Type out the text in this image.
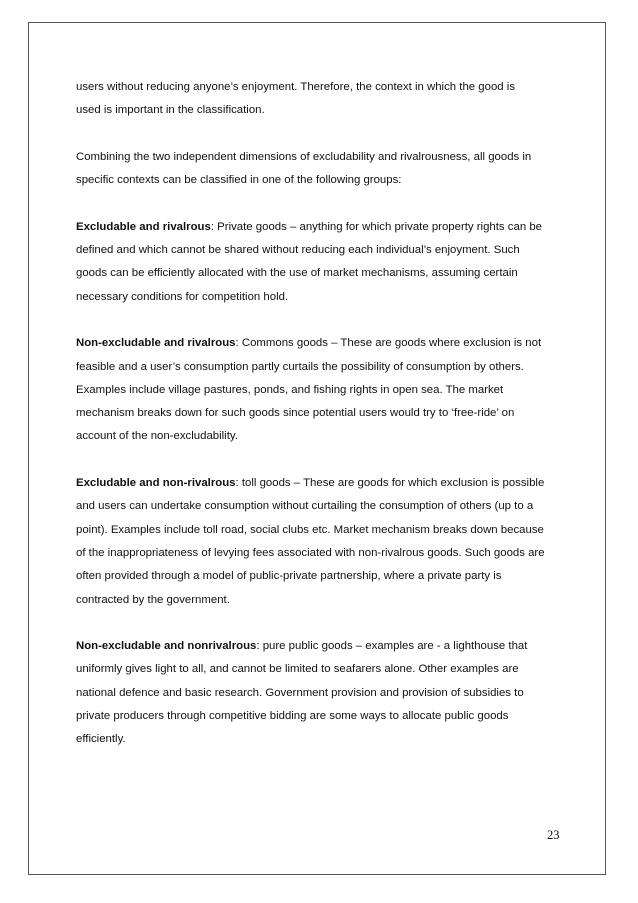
users without reducing anyone’s enjoyment. Therefore, the context in which the good is
used is important in the classification.

Combining the two independent dimensions of excludability and rivalrousness, all goods in
specific contexts can be classified in one of the following groups:

Excludable and rivalrous: Private goods – anything for which private property rights can be
defined and which cannot be shared without reducing each individual’s enjoyment. Such
goods can be efficiently allocated with the use of market mechanisms, assuming certain
necessary conditions for competition hold.

Non-excludable and rivalrous: Commons goods – These are goods where exclusion is not
feasible and a user’s consumption partly curtails the possibility of consumption by others.
Examples include village pastures, ponds, and fishing rights in open sea. The market
mechanism breaks down for such goods since potential users would try to ‘free-ride’ on
account of the non-excludability.

Excludable and non-rivalrous: toll goods – These are goods for which exclusion is possible
and users can undertake consumption without curtailing the consumption of others (up to a
point). Examples include toll road, social clubs etc. Market mechanism breaks down because
of the inappropriateness of levying fees associated with non-rivalrous goods. Such goods are
often provided through a model of public-private partnership, where a private party is
contracted by the government.

Non-excludable and nonrivalrous: pure public goods – examples are - a lighthouse that
uniformly gives light to all, and cannot be limited to seafarers alone. Other examples are
national defence and basic research. Government provision and provision of subsidies to
private producers through competitive bidding are some ways to allocate public goods
efficiently.

23
